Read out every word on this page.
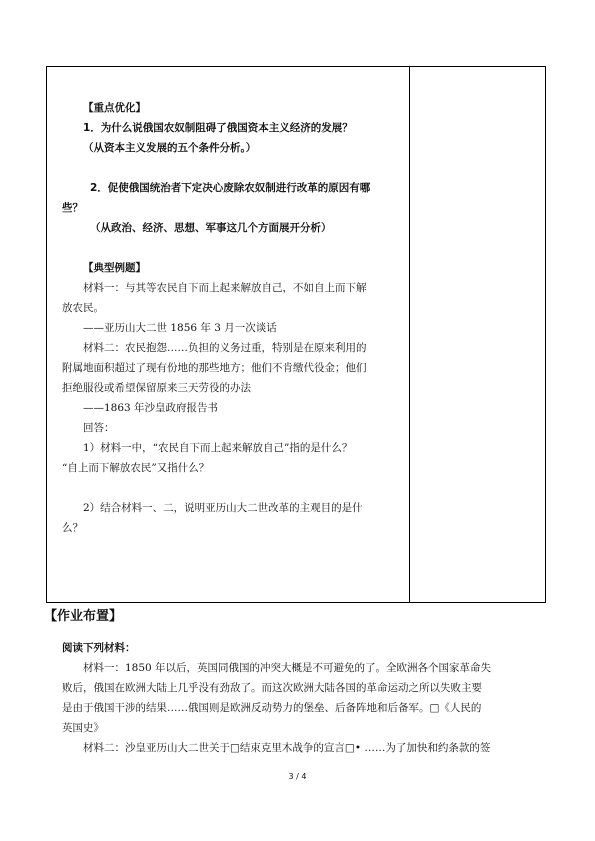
【重点优化】
1．为什么说俄国农奴制阻碍了俄国资本主义经济的发展？
（从资本主义发展的五个条件分析。）
2．促使俄国统治者下定决心废除农奴制进行改革的原因有哪
些？
（从政治、经济、思想、军事这几个方面展开分析）
【典型例题】
材料一：与其等农民自下而上起来解放自己，不如自上而下解
放农民。
——亚历山大二世 1856 年 3 月一次谈话
材料二：农民抱怨……负担的义务过重，特别是在原来利用的
附属地面积超过了现有份地的那些地方；他们不肯缴代役金；他们
拒绝服役或希望保留原来三天劳役的办法
——1863 年沙皇政府报告书
回答：
1）材料一中，“农民自下而上起来解放自己”指的是什么？
“自上而下解放农民”又指什么？
2）结合材料一、二，说明亚历山大二世改革的主观目的是什
么？
【作业布置】
阅读下列材料：
材料一：1850 年以后，英国同俄国的冲突大概是不可避免的了。全欧洲各个国家革命失
败后，俄国在欧洲大陆上几乎没有劲敌了。而这次欧洲大陆各国的革命运动之所以失败主要
是由于俄国干涉的结果……俄国则是欧洲反动势力的堡垒、后备阵地和后备军。□《人民的
英国史》
材料二：沙皇亚历山大二世关于□结束克里木战争的宣言□• ……为了加快和约条款的签
3 / 4
